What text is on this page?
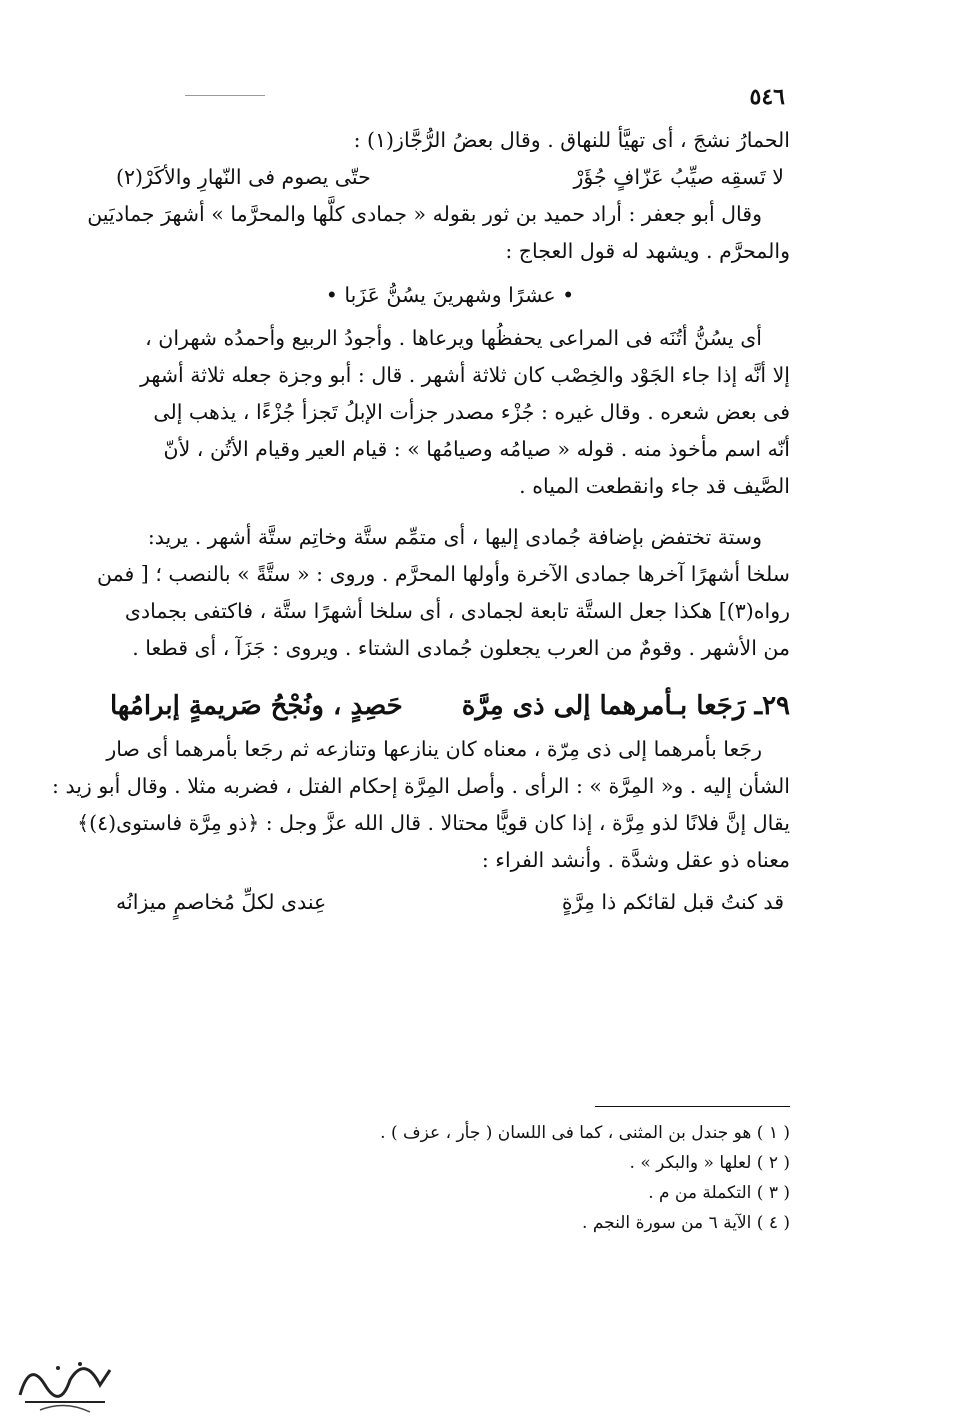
٥٤٦
الحمارُ نشجَ ، أى تهيَّأ للنهاق . وقال بعضُ الرُّجَّاز(١) :
لا تَسقِه صيِّبُ عَزّافٍ جُؤَرْ
حتّى يصوم فى النّهارِ والأكَرْ(٢)
وقال أبو جعفر : أراد حميد بن ثور بقوله « جمادى كلَّها والمحرَّما » أشهرَ جماديَين
والمحرَّم . ويشهد له قول العجاج :
• عشرًا وشهرينَ يسُنُّ عَزَبا •
أى يسُنُّ أتُنَه فى المراعى يحفظُها ويرعاها . وأجودُ الربيع وأحمدُه شهران ،
إلا أنَّه إذا جاء الجَوْد والخِصْب كان ثلاثة أشهر . قال : أبو وجزة جعله ثلاثة أشهر
فى بعض شعره . وقال غيره : جُزْء مصدر جزأت الإبلُ تَجزأ جُزْءًا ، يذهب إلى
أنّه اسم مأخوذ منه . قوله « صيامُه وصيامُها » : قيام العير وقيام الأتُن ، لأنّ
الصَّيف قد جاء وانقطعت المياه .
وستة تختفض بإضافة جُمادى إليها ، أى متمِّم ستَّة وخاتِم ستَّة أشهر . يريد:
سلخا أشهرًا آخرها جمادى الآخرة وأولها المحرَّم . وروى : « ستَّةً » بالنصب ؛ [ فمن
رواه(٣)] هكذا جعل الستَّة تابعة لجمادى ، أى سلخا أشهرًا ستَّة ، فاكتفى بجمادى
من الأشهر . وقومٌ من العرب يجعلون جُمادى الشتاء . ويروى : جَزَآ ، أى قطعا .
٢٩ـ رَجَعا بـأمرهما إلى ذى مِرَّة
حَصِدٍ ، ونُجْحُ صَريمةٍ إبرامُها
رجَعا بأمرهما إلى ذى مِرّة ، معناه كان ينازعها وتنازعه ثم رجَعا بأمرهما أى صار
الشأن إليه . و« المِرَّة » : الرأى . وأصل المِرَّة إحكام الفتل ، فضربه مثلا . وقال أبو زيد :
يقال إنَّ فلانًا لذو مِرَّة ، إذا كان قويًّا محتالا . قال الله عزَّ وجل : ﴿ذو مِرَّة فاستوى(٤)﴾
معناه ذو عقل وشدَّة . وأنشد الفراء :
قد كنتُ قبل لقائكم ذا مِرَّةٍ
عِندى لكلِّ مُخاصمٍ ميزانُه
( ١ ) هو جندل بن المثنى ، كما فى اللسان ( جأر ، عزف ) .
( ٢ ) لعلها « والبكر » .
( ٣ ) التكملة من م .
( ٤ ) الآية ٦ من سورة النجم .
